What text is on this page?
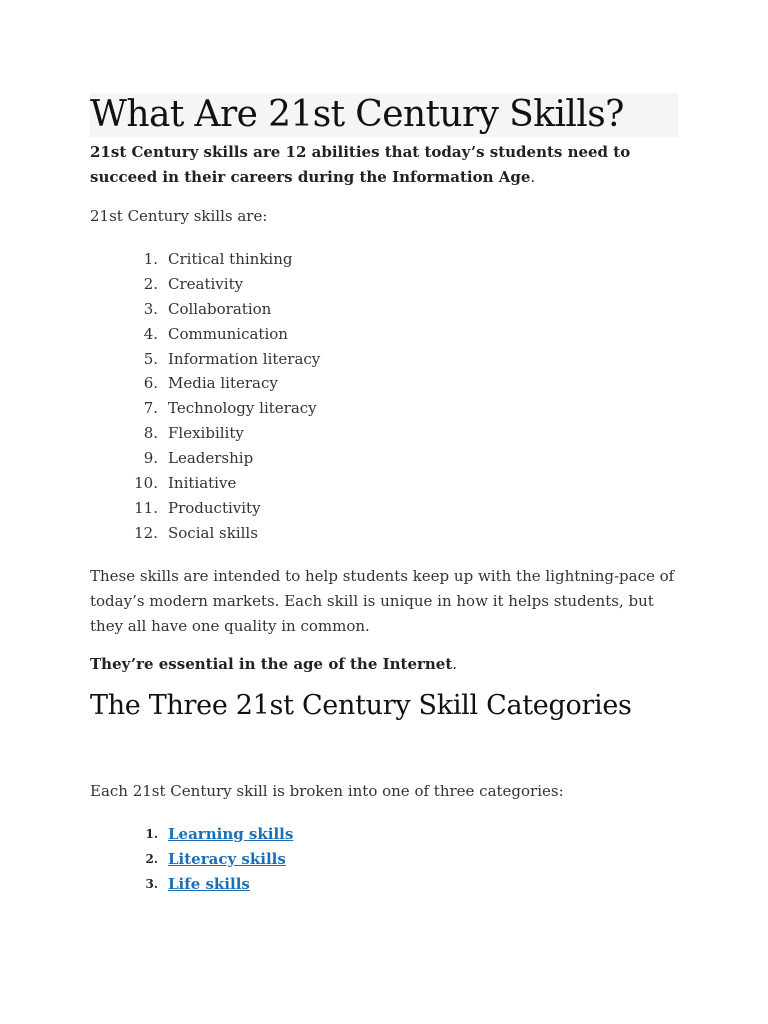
What Are 21st Century Skills?
21st Century skills are 12 abilities that today’s students need to succeed in their careers during the Information Age.
21st Century skills are:
1. Critical thinking
2. Creativity
3. Collaboration
4. Communication
5. Information literacy
6. Media literacy
7. Technology literacy
8. Flexibility
9. Leadership
10. Initiative
11. Productivity
12. Social skills
These skills are intended to help students keep up with the lightning-pace of today’s modern markets. Each skill is unique in how it helps students, but they all have one quality in common.
They’re essential in the age of the Internet.
The Three 21st Century Skill Categories
Each 21st Century skill is broken into one of three categories:
1. Learning skills
2. Literacy skills
3. Life skills
